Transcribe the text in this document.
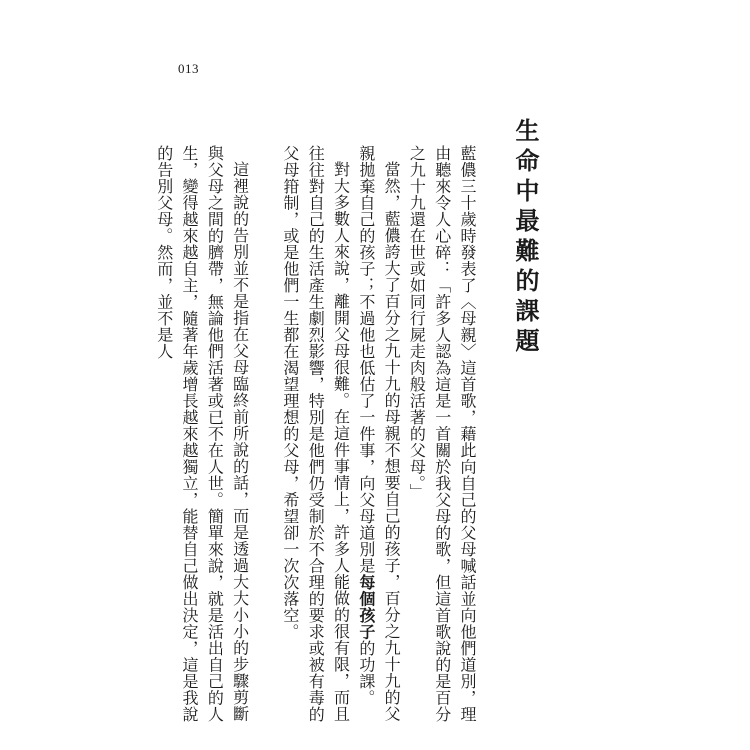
013
生命中最難的課題

藍儂三十歲時發表了〈母親〉這首歌，藉此向自己的父母喊話並向他們道別，理由聽來令人心碎：「許多人認為這是一首關於我父母的歌，但這首歌說的是百分之九十九還在世或如同行屍走肉般活著的父母。」

當然，藍儂誇大了百分之九十九的母親不想要自己的孩子，百分之九十九的父親拋棄自己的孩子；不過他也低估了一件事，向父母道別是每個孩子的功課。

對大多數人來說，離開父母很難。在這件事情上，許多人能做的很有限，而且往往對自己的生活產生劇烈影響，特別是他們仍受制於不合理的要求或被有毒的父母箝制，或是他們一生都在渴望理想的父母，希望卻一次次落空。

這裡說的告別並不是指在父母臨終前所說的話，而是透過大大小小的步驟剪斷與父母之間的臍帶，無論他們活著或已不在人世。簡單來說，就是活出自己的人生，變得越來越自主，隨著年歲增長越來越獨立，能替自己做出決定，這是我說的告別父母。然而，並不是人
